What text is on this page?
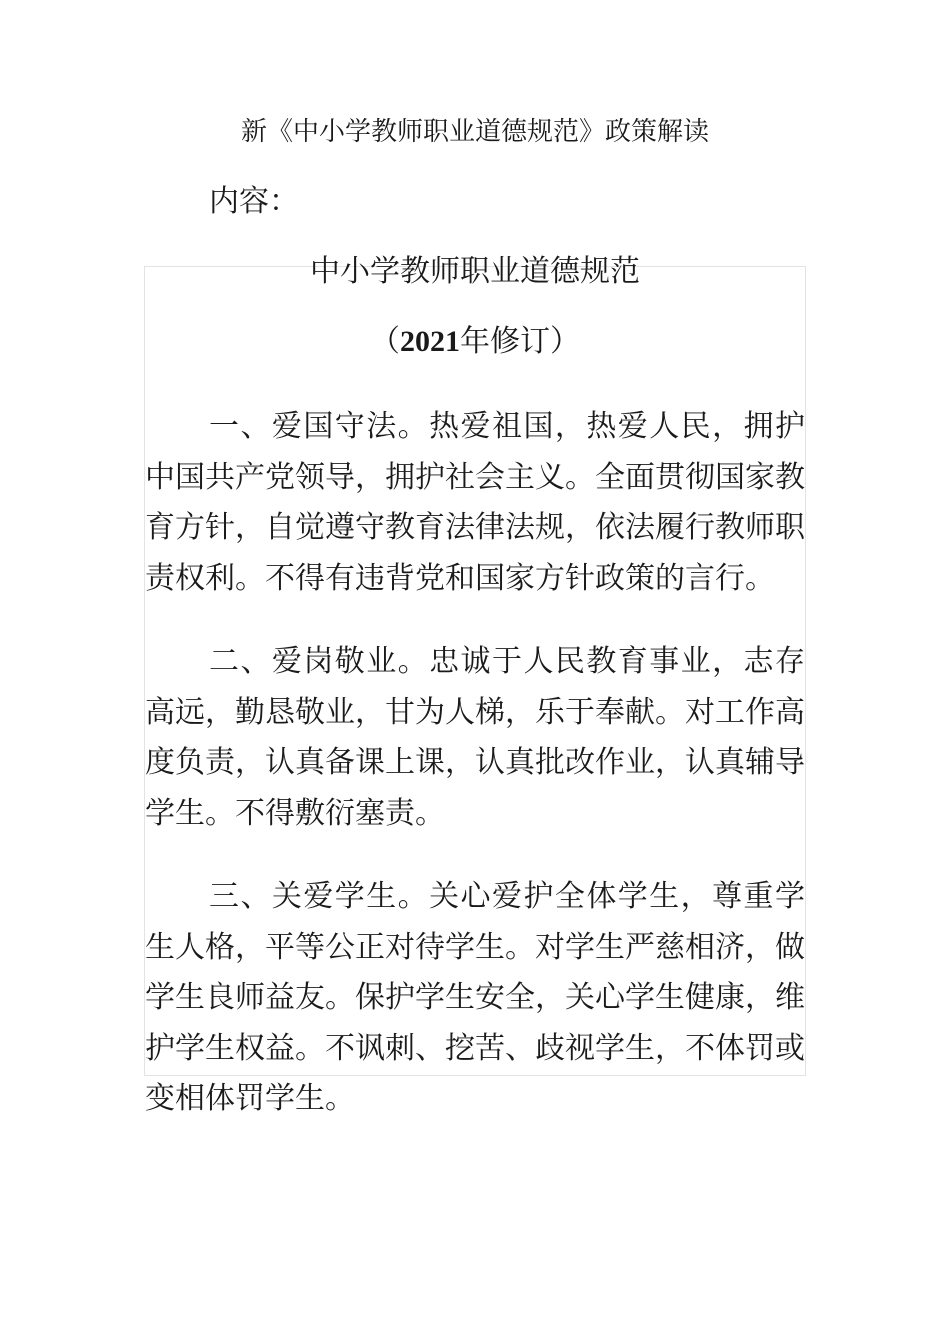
新《中小学教师职业道德规范》政策解读

内容：

中小学教师职业道德规范

（2021年修订）

一、爱国守法。热爱祖国，热爱人民，拥护中国共产党领导，拥护社会主义。全面贯彻国家教育方针，自觉遵守教育法律法规，依法履行教师职责权利。不得有违背党和国家方针政策的言行。

二、爱岗敬业。忠诚于人民教育事业，志存高远，勤恳敬业，甘为人梯，乐于奉献。对工作高度负责，认真备课上课，认真批改作业，认真辅导学生。不得敷衍塞责。

三、关爱学生。关心爱护全体学生，尊重学生人格，平等公正对待学生。对学生严慈相济，做学生良师益友。保护学生安全，关心学生健康，维护学生权益。不讽刺、挖苦、歧视学生，不体罚或变相体罚学生。
